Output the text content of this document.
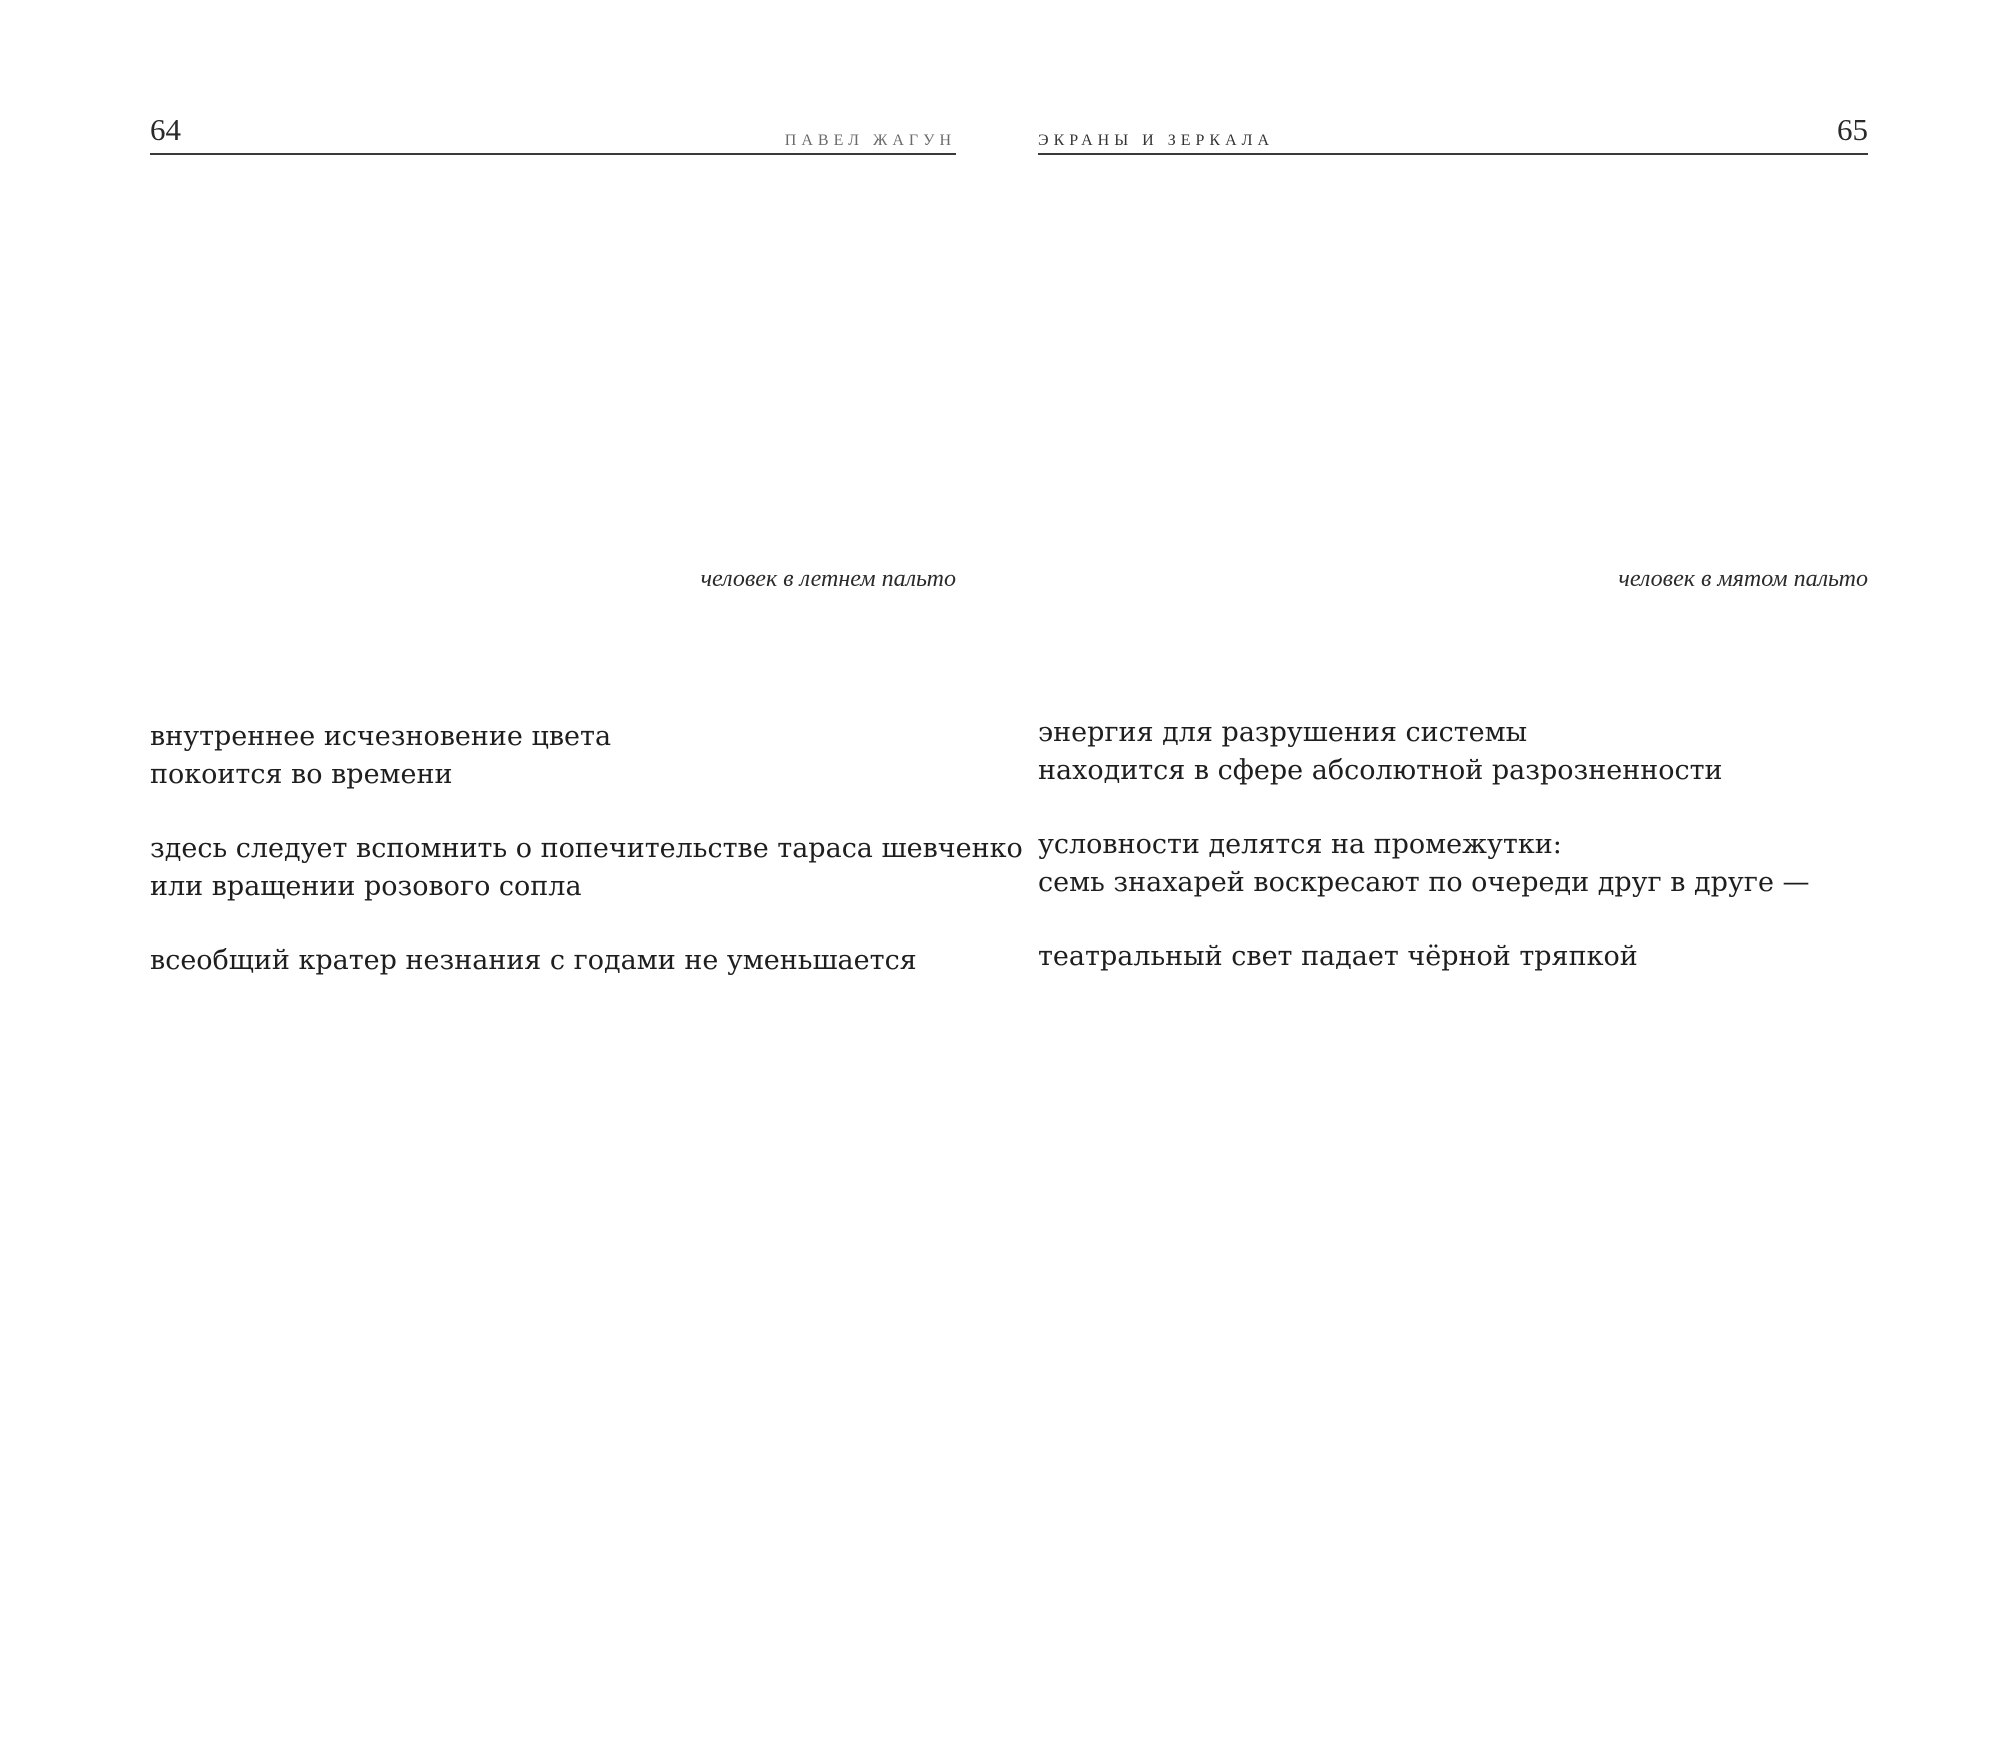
64	ПАВЕЛ ЖАГУН
человек в летнем пальто
внутреннее исчезновение цвета
покоится во времени
здесь следует вспомнить о попечительстве тараса шевченко
или вращении розового сопла
всеобщий кратер незнания с годами не уменьшается
65
ЭКРАНЫ И ЗЕРКАЛА
человек в мятом пальто
энергия для разрушения системы
находится в сфере абсолютной разрозненности
условности делятся на промежутки:
семь знахарей воскресают по очереди друг в друге —
театральный свет падает чёрной тряпкой
